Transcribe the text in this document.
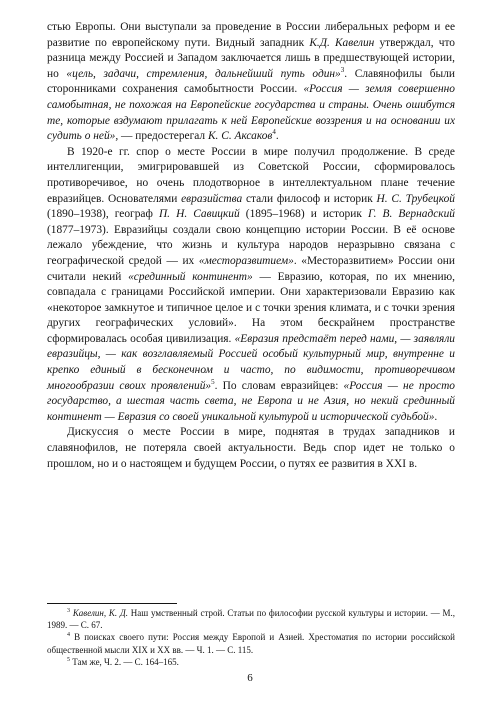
стью Европы. Они выступали за проведение в России либеральных реформ и ее развитие по европейскому пути. Видный западник К.Д. Кавелин утверждал, что разница между Россией и Западом заключается лишь в предшествующей истории, но «цель, задачи, стремления, дальнейший путь один»$^3$. Славянофилы были сторонниками сохранения самобытности России. «Россия — земля совершенно самобытная, не похожая на Европейские государства и страны. Очень ошибутся те, которые вздумают прилагать к ней Европейские воззрения и на основании их судить о ней», — предостерегал К. С. Аксаков$^4$.

В 1920-е гг. спор о месте России в мире получил продолжение. В среде интеллигенции, эмигрировавшей из Советской России, сформировалось противоречивое, но очень плодотворное в интеллектуальном плане течение евразийцев. Основателями евразийства стали философ и историк Н. С. Трубецкой (1890–1938), географ П. Н. Савицкий (1895–1968) и историк Г. В. Вернадский (1877–1973). Евразийцы создали свою концепцию истории России. В её основе лежало убеждение, что жизнь и культура народов неразрывно связана с географической средой — их «месторазвитием». «Месторазвитием» России они считали некий «срединный континент» — Евразию, которая, по их мнению, совпадала с границами Российской империи. Они характеризовали Евразию как «некоторое замкнутое и типичное целое и с точки зрения климата, и с точки зрения других географических условий». На этом бескрайнем пространстве сформировалась особая цивилизация. «Евразия предстаёт перед нами, — заявляли евразийцы, — как возглавляемый Россией особый культурный мир, внутренне и крепко единый в бесконечном и часто, по видимости, противоречивом многообразии своих проявлений»$^5$. По словам евразийцев: «Россия — не просто государство, а шестая часть света, не Европа и не Азия, но некий срединный континент — Евразия со своей уникальной культурой и исторической судьбой».

Дискуссия о месте России в мире, поднятая в трудах западников и славянофилов, не потеряла своей актуальности. Ведь спор идет не только о прошлом, но и о настоящем и будущем России, о путях ее развития в XXI в.

$^3$ Кавелин, К. Д. Наш умственный строй. Статьи по философии русской культуры и истории. — М., 1989. — С. 67.

$^4$ В поисках своего пути: Россия между Европой и Азией. Хрестоматия по истории российской общественной мысли XIX и XX вв. — Ч. 1. — С. 115.

$^5$ Там же, Ч. 2. — С. 164–165.

6
